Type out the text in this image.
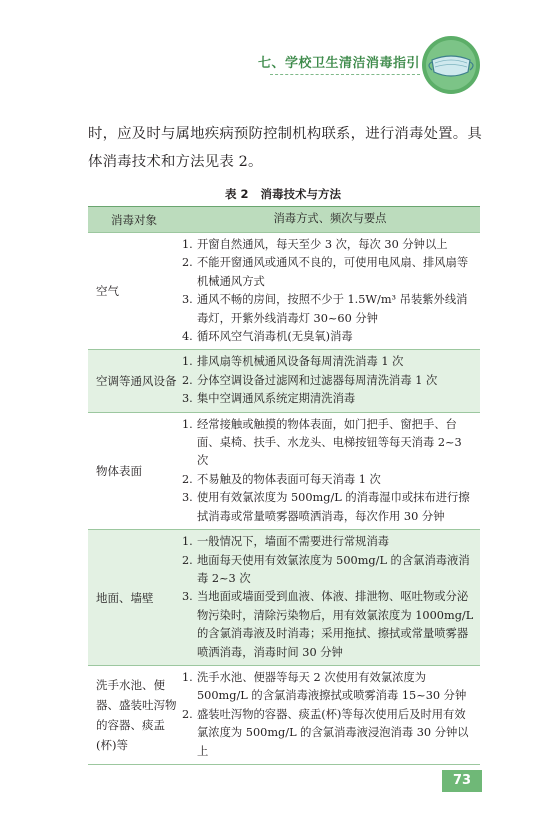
七、学校卫生清洁消毒指引
时，应及时与属地疾病预防控制机构联系，进行消毒处置。具体消毒技术和方法见表 2。
表 2 消毒技术与方法
消毒对象	消毒方式、频次与要点
空气
1. 开窗自然通风，每天至少 3 次，每次 30 分钟以上
2. 不能开窗通风或通风不良的，可使用电风扇、排风扇等机械通风方式
3. 通风不畅的房间，按照不少于 1.5W/m³ 吊装紫外线消毒灯，开紫外线消毒灯 30~60 分钟
4. 循环风空气消毒机(无臭氧)消毒
空调等通风设备
1. 排风扇等机械通风设备每周清洗消毒 1 次
2. 分体空调设备过滤网和过滤器每周清洗消毒 1 次
3. 集中空调通风系统定期清洗消毒
物体表面
1. 经常接触或触摸的物体表面，如门把手、窗把手、台面、桌椅、扶手、水龙头、电梯按钮等每天消毒 2~3 次
2. 不易触及的物体表面可每天消毒 1 次
3. 使用有效氯浓度为 500mg/L 的消毒湿巾或抹布进行擦拭消毒或常量喷雾器喷洒消毒，每次作用 30 分钟
地面、墙壁
1. 一般情况下，墙面不需要进行常规消毒
2. 地面每天使用有效氯浓度为 500mg/L 的含氯消毒液消毒 2~3 次
3. 当地面或墙面受到血液、体液、排泄物、呕吐物或分泌物污染时，清除污染物后，用有效氯浓度为 1000mg/L 的含氯消毒液及时消毒；采用拖拭、擦拭或常量喷雾器喷洒消毒，消毒时间 30 分钟
洗手水池、便器、盛装吐泻物的容器、痰盂(杯)等
1. 洗手水池、便器等每天 2 次使用有效氯浓度为 500mg/L 的含氯消毒液擦拭或喷雾消毒 15~30 分钟
2. 盛装吐泻物的容器、痰盂(杯)等每次使用后及时用有效氯浓度为 500mg/L 的含氯消毒液浸泡消毒 30 分钟以上
73
